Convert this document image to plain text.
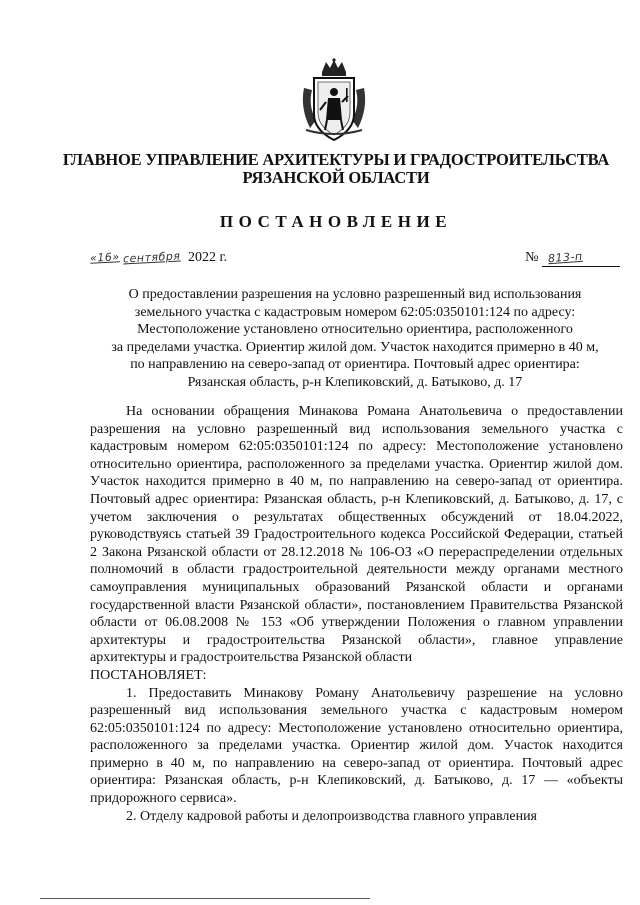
ГЛАВНОЕ УПРАВЛЕНИЕ АРХИТЕКТУРЫ И ГРАДОСТРОИТЕЛЬСТВА
РЯЗАНСКОЙ ОБЛАСТИ
ПОСТАНОВЛЕНИЕ
«16» сентября 2022 г.	№ 813-п

О предоставлении разрешения на условно разрешенный вид использования

земельного участка с кадастровым номером 62:05:0350101:124 по адресу:

Местоположение установлено относительно ориентира, расположенного

за пределами участка. Ориентир жилой дом. Участок находится примерно в 40 м,

по направлению на северо-запад от ориентира. Почтовый адрес ориентира:

Рязанская область, р-н Клепиковский, д. Батыково, д. 17

На основании обращения Минакова Романа Анатольевича о предоставлении разрешения на условно разрешенный вид использования земельного участка с кадастровым номером 62:05:0350101:124 по адресу: Местоположение установлено относительно ориентира, расположенного за пределами участка. Ориентир жилой дом. Участок находится примерно в 40 м, по направлению на северо-запад от ориентира. Почтовый адрес ориентира: Рязанская область, р-н Клепиковский, д. Батыково, д. 17, с учетом заключения о результатах общественных обсуждений от 18.04.2022, руководствуясь статьей 39 Градостроительного кодекса Российской Федерации, статьей 2 Закона Рязанской области от 28.12.2018 № 106-ОЗ «О перераспределении отдельных полномочий в области градостроительной деятельности между органами местного самоуправления муниципальных образований Рязанской области и органами государственной власти Рязанской области», постановлением Правительства Рязанской области от 06.08.2008 № 153 «Об утверждении Положения о главном управлении архитектуры и градостроительства Рязанской области», главное управление архитектуры и градостроительства Рязанской области

ПОСТАНОВЛЯЕТ:

1. Предоставить Минакову Роману Анатольевичу разрешение на условно разрешенный вид использования земельного участка с кадастровым номером 62:05:0350101:124 по адресу: Местоположение установлено относительно ориентира, расположенного за пределами участка. Ориентир жилой дом. Участок находится примерно в 40 м, по направлению на северо-запад от ориентира. Почтовый адрес ориентира: Рязанская область, р-н Клепиковский, д. Батыково, д. 17 — «объекты придорожного сервиса».

2. Отделу кадровой работы и делопроизводства главного управления
